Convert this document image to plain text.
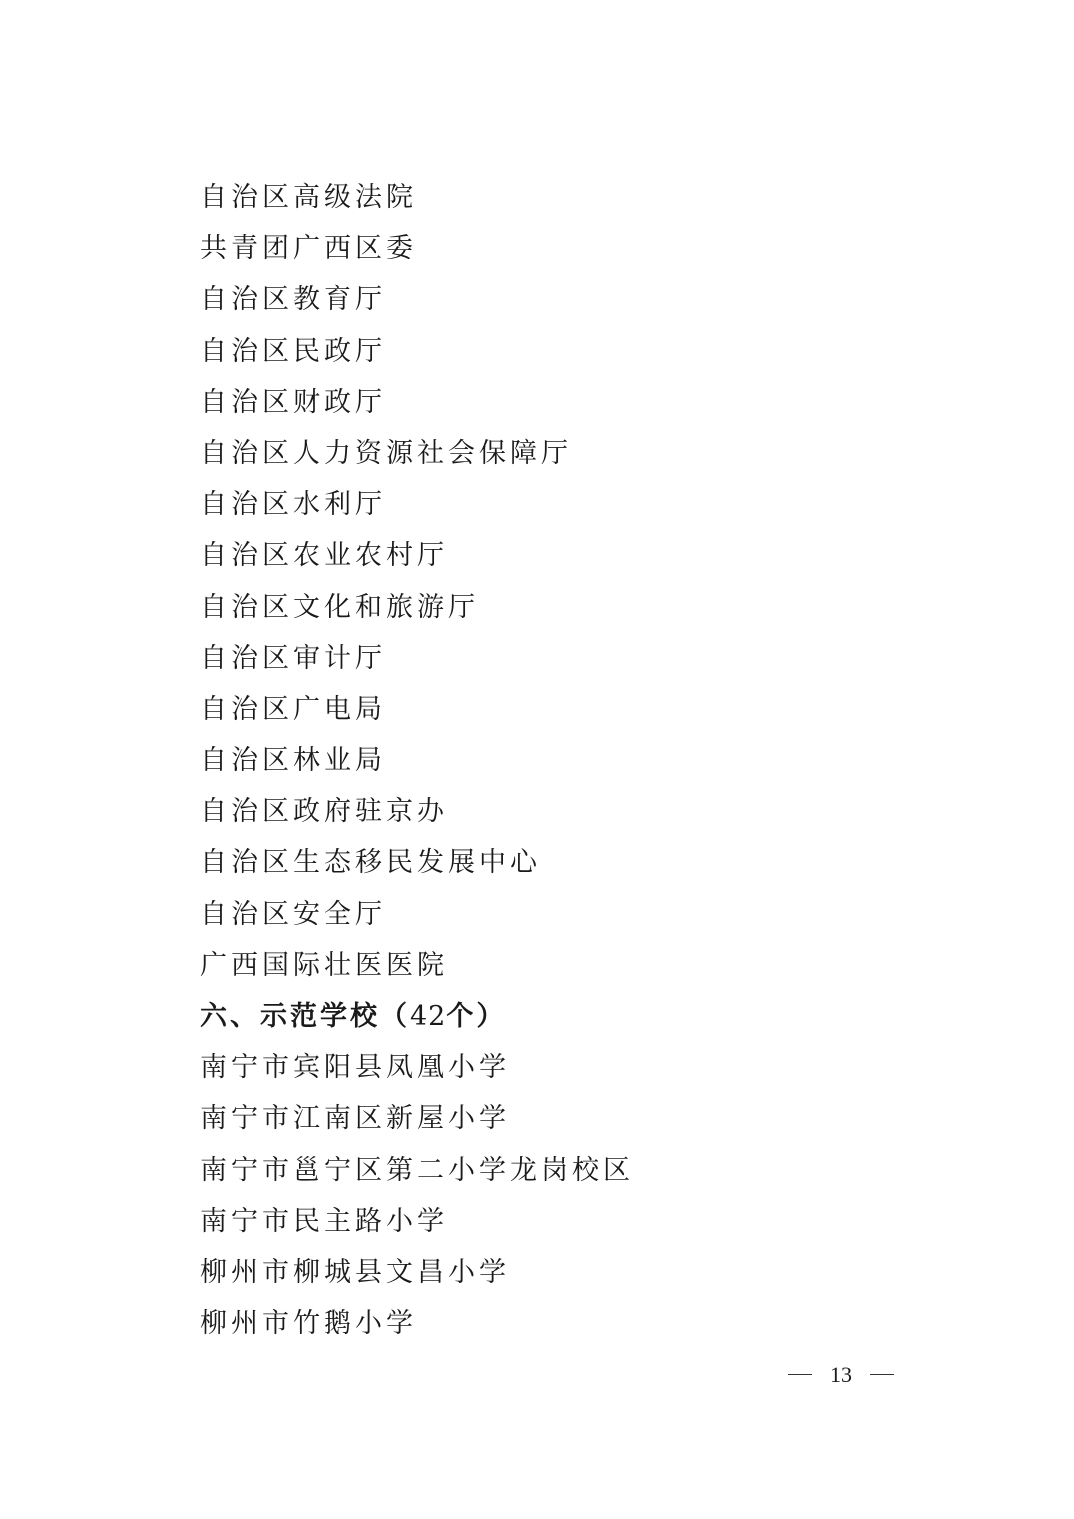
自治区高级法院
共青团广西区委
自治区教育厅
自治区民政厅
自治区财政厅
自治区人力资源社会保障厅
自治区水利厅
自治区农业农村厅
自治区文化和旅游厅
自治区审计厅
自治区广电局
自治区林业局
自治区政府驻京办
自治区生态移民发展中心
自治区安全厅
广西国际壮医医院
六、示范学校（42个）
南宁市宾阳县凤凰小学
南宁市江南区新屋小学
南宁市邕宁区第二小学龙岗校区
南宁市民主路小学
柳州市柳城县文昌小学
柳州市竹鹅小学
13
